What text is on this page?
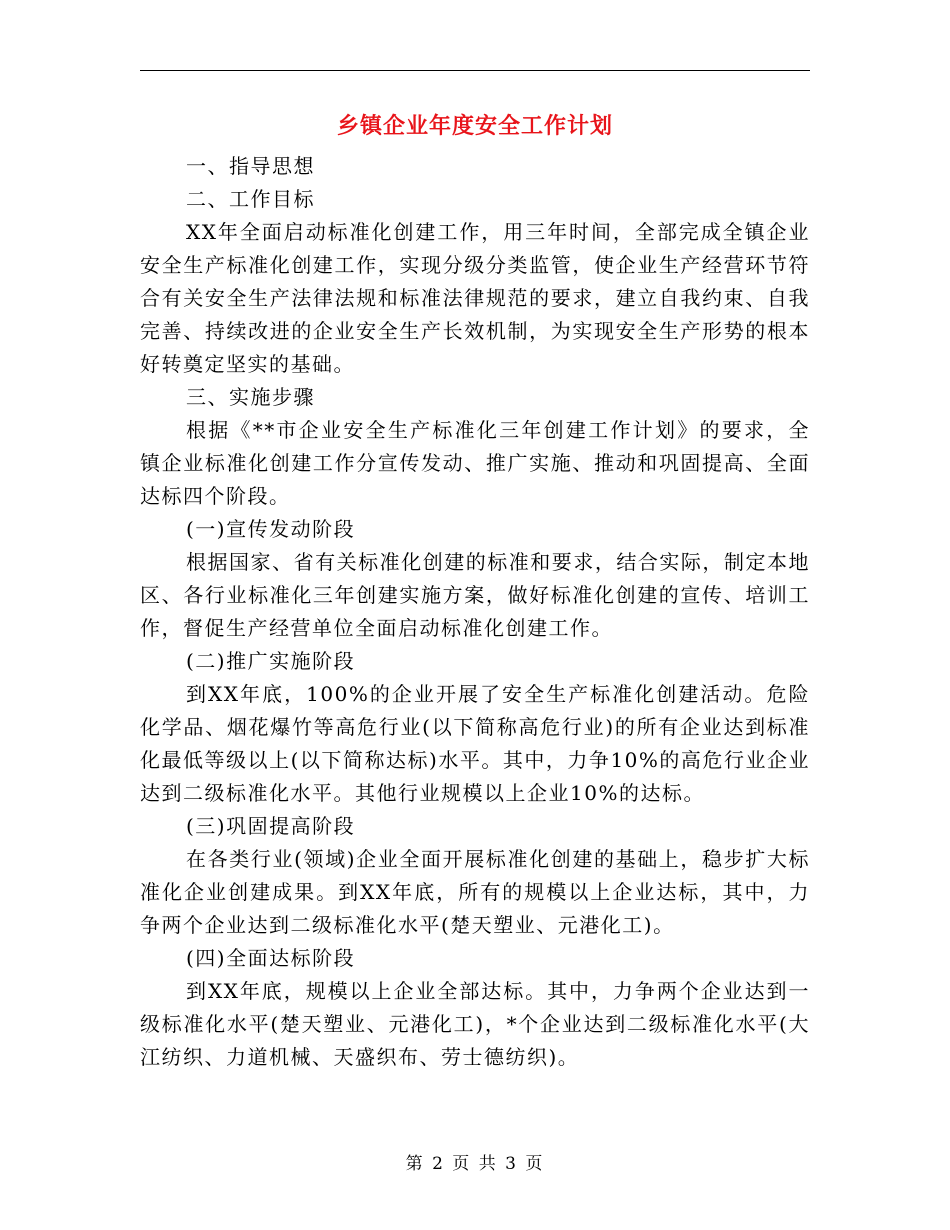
乡镇企业年度安全工作计划

一、指导思想

二、工作目标

XX年全面启动标准化创建工作，用三年时间，全部完成全镇企业安全生产标准化创建工作，实现分级分类监管，使企业生产经营环节符合有关安全生产法律法规和标准法律规范的要求，建立自我约束、自我完善、持续改进的企业安全生产长效机制，为实现安全生产形势的根本好转奠定坚实的基础。

三、实施步骤

根据《**市企业安全生产标准化三年创建工作计划》的要求，全镇企业标准化创建工作分宣传发动、推广实施、推动和巩固提高、全面达标四个阶段。

(一)宣传发动阶段

根据国家、省有关标准化创建的标准和要求，结合实际，制定本地区、各行业标准化三年创建实施方案，做好标准化创建的宣传、培训工作，督促生产经营单位全面启动标准化创建工作。

(二)推广实施阶段

到XX年底，100%的企业开展了安全生产标准化创建活动。危险化学品、烟花爆竹等高危行业(以下简称高危行业)的所有企业达到标准化最低等级以上(以下简称达标)水平。其中，力争10%的高危行业企业达到二级标准化水平。其他行业规模以上企业10%的达标。

(三)巩固提高阶段

在各类行业(领域)企业全面开展标准化创建的基础上，稳步扩大标准化企业创建成果。到XX年底，所有的规模以上企业达标，其中，力争两个企业达到二级标准化水平(楚天塑业、元港化工)。

(四)全面达标阶段

到XX年底，规模以上企业全部达标。其中，力争两个企业达到一级标准化水平(楚天塑业、元港化工)，*个企业达到二级标准化水平(大江纺织、力道机械、天盛织布、劳士德纺织)。

第 2 页 共 3 页
